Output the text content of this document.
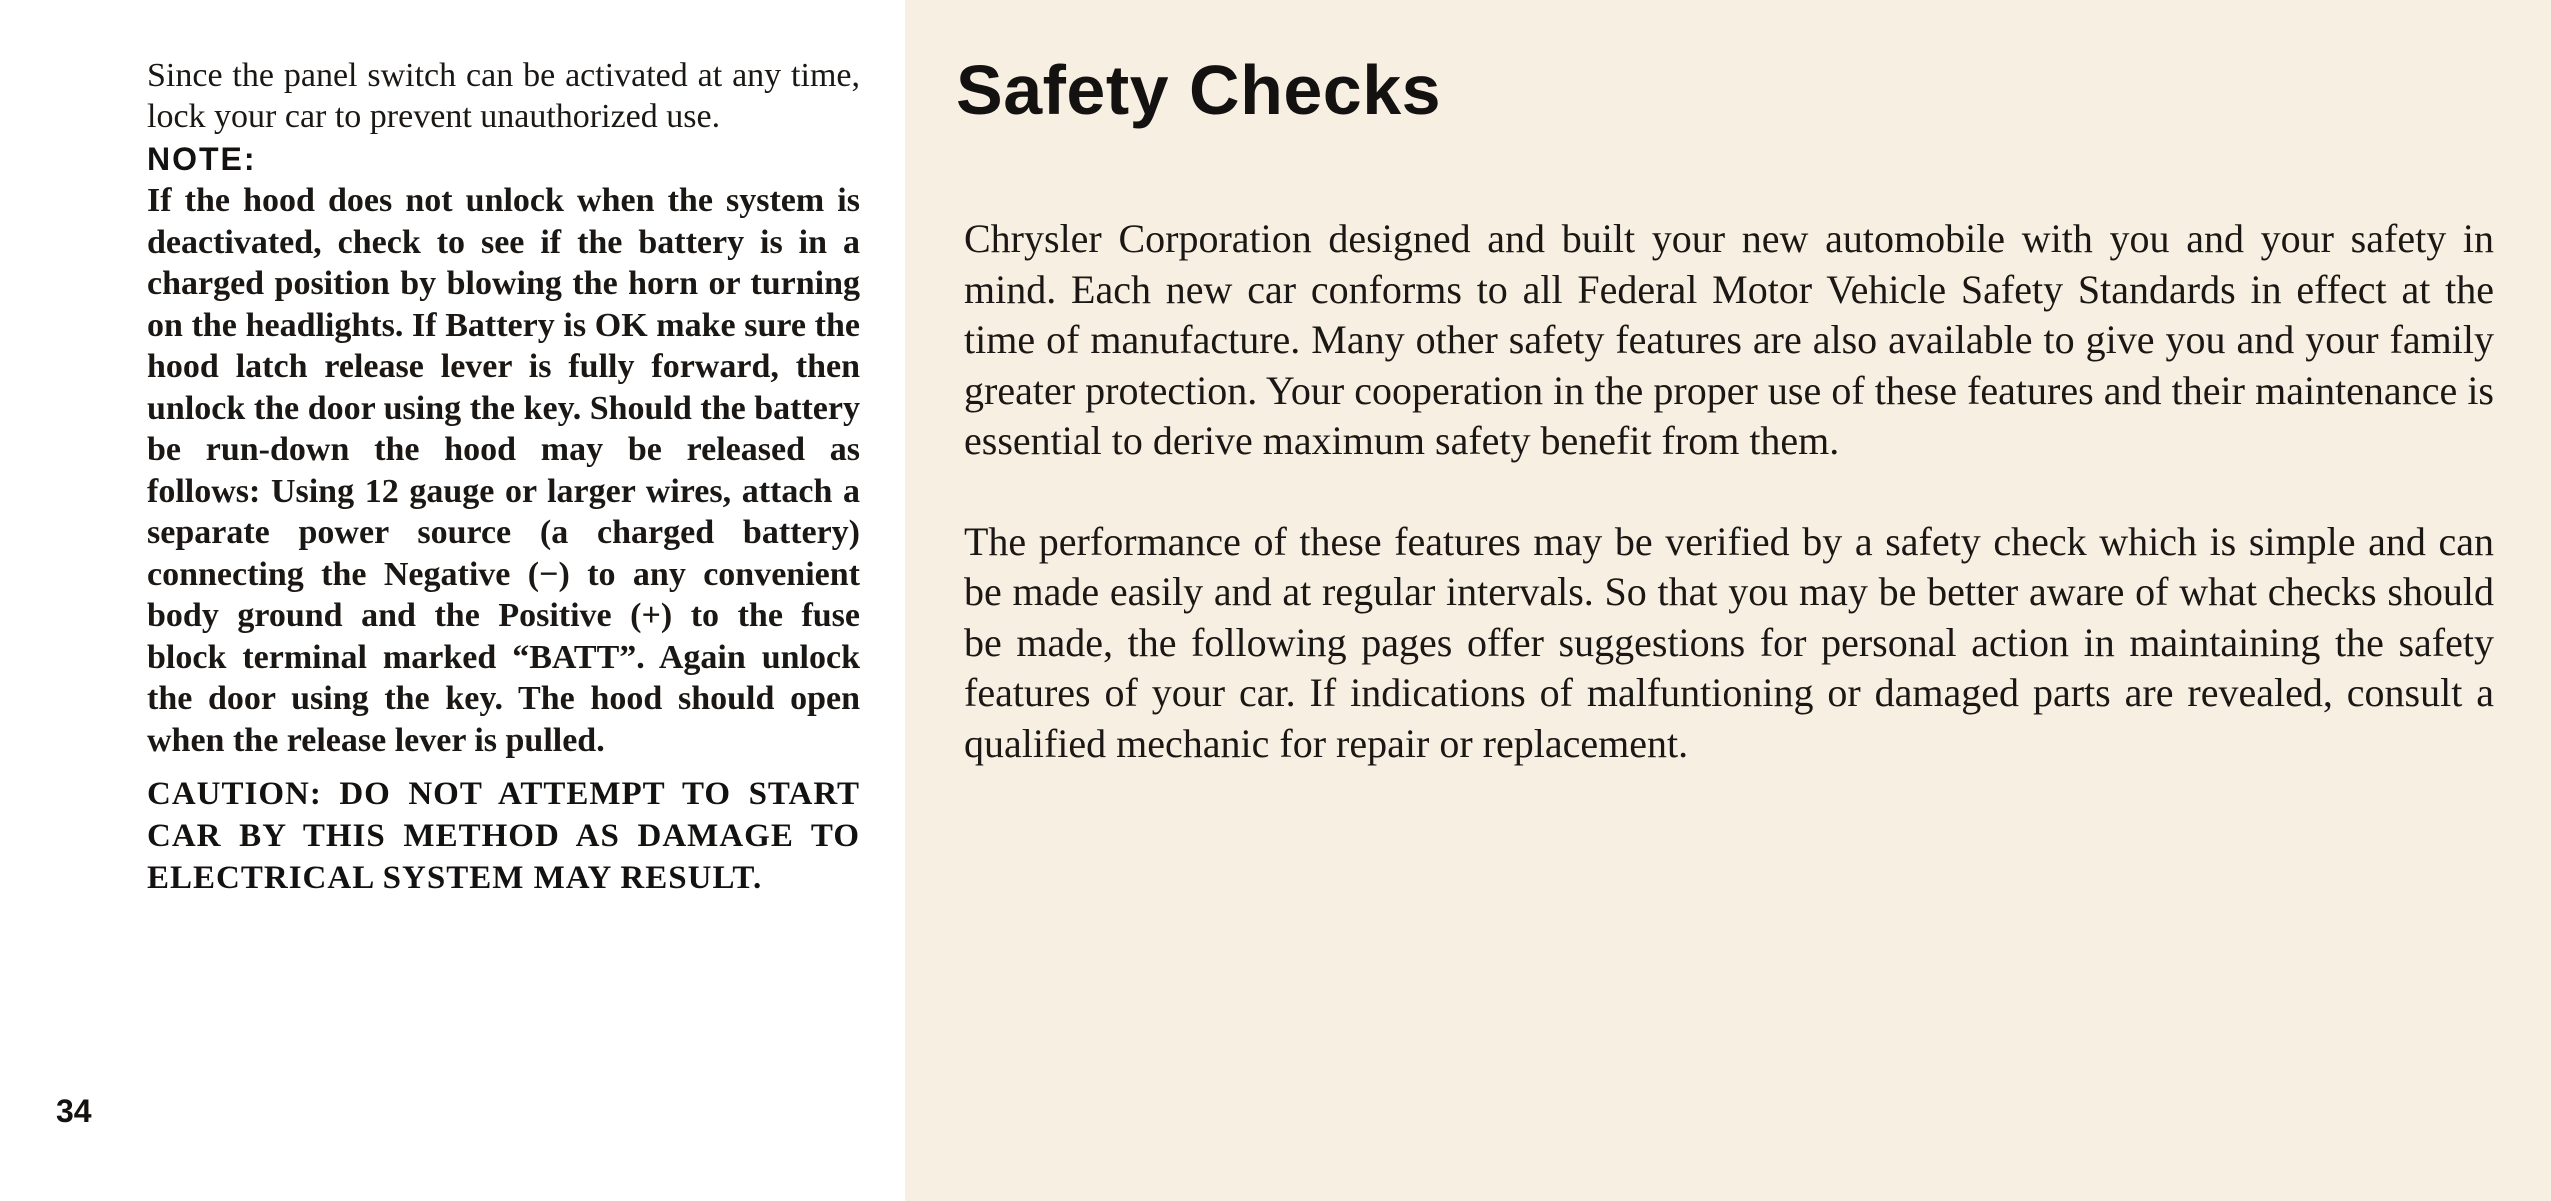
Since the panel switch can be activated at any time, lock your car to prevent unauthorized use.

NOTE:

If the hood does not unlock when the system is deactivated, check to see if the battery is in a charged position by blowing the horn or turning on the headlights. If Battery is OK make sure the hood latch release lever is fully forward, then unlock the door using the key. Should the battery be run-down the hood may be released as follows: Using 12 gauge or larger wires, attach a separate power source (a charged battery) connecting the Negative (−) to any convenient body ground and the Positive (+) to the fuse block terminal marked “BATT”. Again unlock the door using the key. The hood should open when the release lever is pulled.

CAUTION: DO NOT ATTEMPT TO START CAR BY THIS METHOD AS DAMAGE TO ELECTRICAL SYSTEM MAY RESULT.

34
Safety Checks

Chrysler Corporation designed and built your new automobile with you and your safety in mind. Each new car conforms to all Federal Motor Vehicle Safety Standards in effect at the time of manufacture. Many other safety features are also available to give you and your family greater protection. Your cooperation in the proper use of these features and their maintenance is essential to derive maximum safety benefit from them.

The performance of these features may be verified by a safety check which is simple and can be made easily and at regular intervals. So that you may be better aware of what checks should be made, the following pages offer suggestions for personal action in maintaining the safety features of your car. If indications of malfuntioning or damaged parts are revealed, consult a qualified mechanic for repair or replacement.
